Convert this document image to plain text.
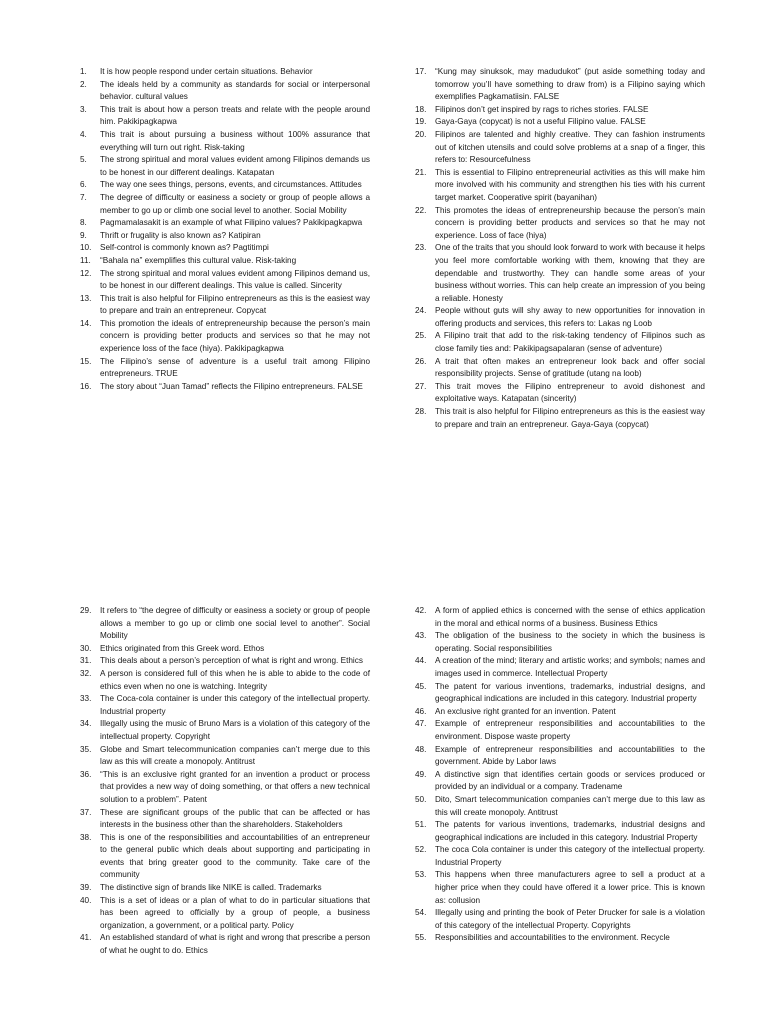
1.	It is how people respond under certain situations. Behavior
2.	The ideals held by a community as standards for social or interpersonal behavior. cultural values
3.	This trait is about how a person treats and relate with the people around him. Pakikipagkapwa
4.	This trait is about pursuing a business without 100% assurance that everything will turn out right. Risk-taking
5.	The strong spiritual and moral values evident among Filipinos demands us to be honest in our different dealings. Katapatan
6.	The way one sees things, persons, events, and circumstances. Attitudes
7.	The degree of difficulty or easiness a society or group of people allows a member to go up or climb one social level to another. Social Mobility
8.	Pagmamalasakit is an example of what Filipino values? Pakikipagkapwa
9.	Thrift or frugality is also known as? Katipiran
10.	Self-control is commonly known as? Pagtitimpi
11.	“Bahala na” exemplifies this cultural value. Risk-taking
12.	The strong spiritual and moral values evident among Filipinos demand us, to be honest in our different dealings. This value is called. Sincerity
13.	This trait is also helpful for Filipino entrepreneurs as this is the easiest way to prepare and train an entrepreneur. Copycat
14.	This promotion the ideals of entrepreneurship because the person’s main concern is providing better products and services so that he may not experience loss of the face (hiya). Pakikipagkapwa
15.	The Filipino’s sense of adventure is a useful trait among Filipino entrepreneurs. TRUE
16.	The story about “Juan Tamad” reflects the Filipino entrepreneurs. FALSE
17.	“Kung may sinuksok, may madudukot” (put aside something today and tomorrow you’ll have something to draw from) is a Filipino saying which exemplifies Pagkamatiisin. FALSE
18.	Filipinos don’t get inspired by rags to riches stories. FALSE
19.	Gaya-Gaya (copycat) is not a useful Filipino value. FALSE
20.	Filipinos are talented and highly creative. They can fashion instruments out of kitchen utensils and could solve problems at a snap of a finger, this refers to: Resourcefulness
21.	This is essential to Filipino entrepreneurial activities as this will make him more involved with his community and strengthen his ties with his current target market. Cooperative spirit (bayanihan)
22.	This promotes the ideas of entrepreneurship because the person’s main concern is providing better products and services so that he may not experience. Loss of face (hiya)
23.	One of the traits that you should look forward to work with because it helps you feel more comfortable working with them, knowing that they are dependable and trustworthy. They can handle some areas of your business without worries. This can help create an impression of you being a reliable. Honesty
24.	People without guts will shy away to new opportunities for innovation in offering products and services, this refers to: Lakas ng Loob
25.	A Filipino trait that add to the risk-taking tendency of Filipinos such as close family ties and: Pakikipagsapalaran (sense of adventure)
26.	A trait that often makes an entrepreneur look back and offer social responsibility projects. Sense of gratitude (utang na loob)
27.	This trait moves the Filipino entrepreneur to avoid dishonest and exploitative ways. Katapatan (sincerity)
28.	This trait is also helpful for Filipino entrepreneurs as this is the easiest way to prepare and train an entrepreneur. Gaya-Gaya (copycat)
29.	It refers to “the degree of difficulty or easiness a society or group of people allows a member to go up or climb one social level to another”. Social Mobility
30.	Ethics originated from this Greek word. Ethos
31.	This deals about a person’s perception of what is right and wrong. Ethics
32.	A person is considered full of this when he is able to abide to the code of ethics even when no one is watching. Integrity
33.	The Coca-cola container is under this category of the intellectual property. Industrial property
34.	Illegally using the music of Bruno Mars is a violation of this category of the intellectual property. Copyright
35.	Globe and Smart telecommunication companies can’t merge due to this law as this will create a monopoly. Antitrust
36.	“This is an exclusive right granted for an invention a product or process that provides a new way of doing something, or that offers a new technical solution to a problem”. Patent
37.	These are significant groups of the public that can be affected or has interests in the business other than the shareholders. Stakeholders
38.	This is one of the responsibilities and accountabilities of an entrepreneur to the general public which deals about supporting and participating in events that bring greater good to the community. Take care of the community
39.	The distinctive sign of brands like NIKE is called. Trademarks
40.	This is a set of ideas or a plan of what to do in particular situations that has been agreed to officially by a group of people, a business organization, a government, or a political party. Policy
41.	An established standard of what is right and wrong that prescribe a person of what he ought to do. Ethics
42.	A form of applied ethics is concerned with the sense of ethics application in the moral and ethical norms of a business. Business Ethics
43.	The obligation of the business to the society in which the business is operating. Social responsibilities
44.	A creation of the mind; literary and artistic works; and symbols; names and images used in commerce. Intellectual Property
45.	The patent for various inventions, trademarks, industrial designs, and geographical indications are included in this category. Industrial property
46.	An exclusive right granted for an invention. Patent
47.	Example of entrepreneur responsibilities and accountabilities to the environment. Dispose waste property
48.	Example of entrepreneur responsibilities and accountabilities to the government. Abide by Labor laws
49.	A distinctive sign that identifies certain goods or services produced or provided by an individual or a company. Tradename
50.	Dito, Smart telecommunication companies can’t merge due to this law as this will create monopoly. Antitrust
51.	The patents for various inventions, trademarks, industrial designs and geographical indications are included in this category. Industrial Property
52.	The coca Cola container is under this category of the intellectual property. Industrial Property
53.	This happens when three manufacturers agree to sell a product at a higher price when they could have offered it a lower price. This is known as: collusion
54.	Illegally using and printing the book of Peter Drucker for sale is a violation of this category of the intellectual Property. Copyrights
55.	Responsibilities and accountabilities to the environment. Recycle
